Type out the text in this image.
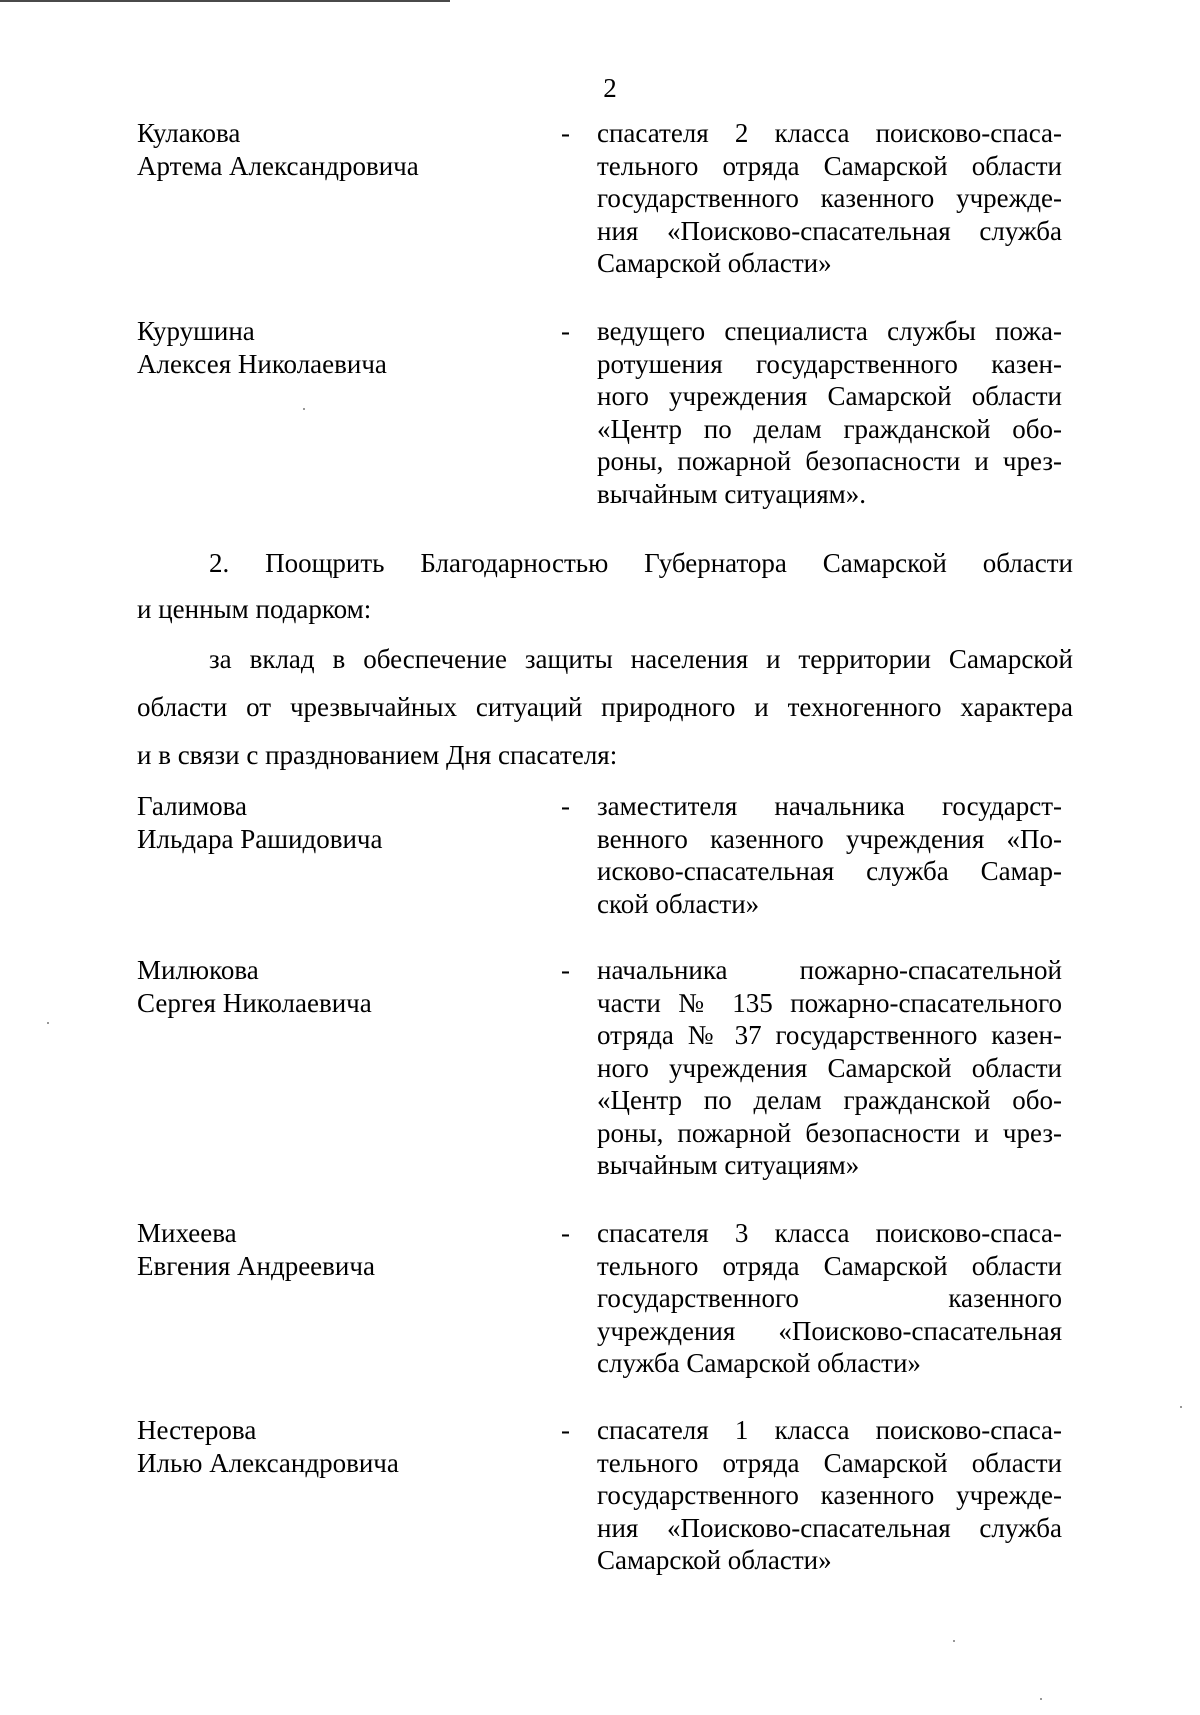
2
Кулакова
Артема Александровича
- спасателя 2 класса поисково-спаса-
тельного отряда Самарской области
государственного казенного учрежде-
ния «Поисково-спасательная служба
Самарской области»
Курушина
Алексея Николаевича
- ведущего специалиста службы пожа-
ротушения государственного казен-
ного учреждения Самарской области
«Центр по делам гражданской обо-
роны, пожарной безопасности и чрез-
вычайным ситуациям».
2. Поощрить Благодарностью Губернатора Самарской области
и ценным подарком:
за вклад в обеспечение защиты населения и территории Самарской
области от чрезвычайных ситуаций природного и техногенного характера
и в связи с празднованием Дня спасателя:
Галимова
Ильдара Рашидовича
- заместителя начальника государст-
венного казенного учреждения «По-
исково-спасательная служба Самар-
ской области»
Милюкова
Сергея Николаевича
- начальника пожарно-спасательной
части № 135 пожарно-спасательного
отряда № 37 государственного казен-
ного учреждения Самарской области
«Центр по делам гражданской обо-
роны, пожарной безопасности и чрез-
вычайным ситуациям»
Михеева
Евгения Андреевича
- спасателя 3 класса поисково-спаса-
тельного отряда Самарской области
государственного казенного
учреждения «Поисково-спасательная
служба Самарской области»
Нестерова
Илью Александровича
- спасателя 1 класса поисково-спаса-
тельного отряда Самарской области
государственного казенного учрежде-
ния «Поисково-спасательная служба
Самарской области»
